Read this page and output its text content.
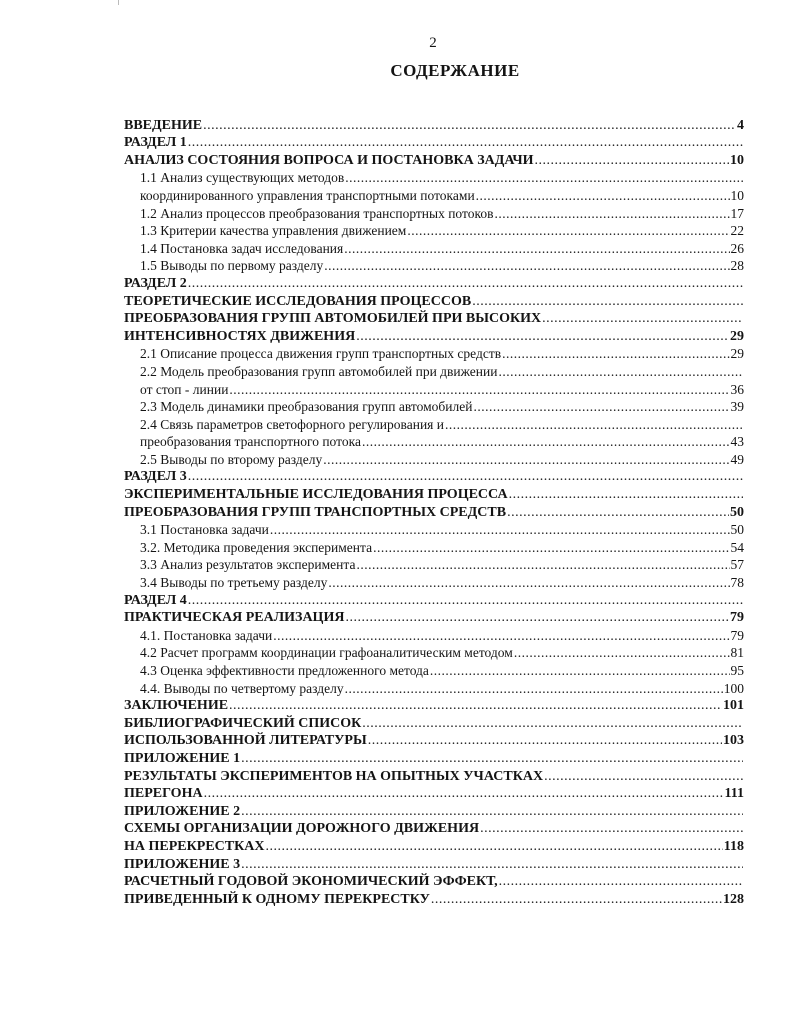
2
СОДЕРЖАНИЕ
ВВЕДЕНИЕ .....	4
РАЗДЕЛ 1
.....
АНАЛИЗ СОСТОЯНИЯ ВОПРОСА И ПОСТАНОВКА ЗАДАЧИ .....	10
1.1 Анализ существующих методов
.....
координированного управления транспортными потоками .....	10
1.2 Анализ процессов преобразования транспортных потоков .....	17
1.3 Критерии качества управления движением .....	22
1.4 Постановка задач исследования .....	26
1.5 Выводы по первому разделу .....	28
РАЗДЕЛ 2
.....
ТЕОРЕТИЧЕСКИЕ ИССЛЕДОВАНИЯ ПРОЦЕССОВ
.....
ПРЕОБРАЗОВАНИЯ ГРУПП АВТОМОБИЛЕЙ ПРИ ВЫСОКИХ
.....
ИНТЕНСИВНОСТЯХ ДВИЖЕНИЯ .....	29
2.1 Описание процесса движения групп транспортных средств .....	29
2.2 Модель преобразования групп автомобилей при движении
.....
от стоп - линии .....	36
2.3 Модель динамики преобразования групп автомобилей .....	39
2.4 Связь параметров светофорного регулирования и
.....
преобразования транспортного потока .....	43
2.5 Выводы по второму разделу .....	49
РАЗДЕЛ 3
.....
ЭКСПЕРИМЕНТАЛЬНЫЕ ИССЛЕДОВАНИЯ ПРОЦЕССА
.....
ПРЕОБРАЗОВАНИЯ ГРУПП ТРАНСПОРТНЫХ СРЕДСТВ .....	50
3.1 Постановка задачи .....	50
3.2. Методика проведения эксперимента .....	54
3.3 Анализ результатов эксперимента .....	57
3.4 Выводы по третьему разделу .....	78
РАЗДЕЛ 4
.....
ПРАКТИЧЕСКАЯ РЕАЛИЗАЦИЯ .....	79
4.1. Постановка задачи .....	79
4.2 Расчет программ координации графоаналитическим методом .....	81
4.3 Оценка эффективности предложенного метода .....	95
4.4. Выводы по четвертому разделу .....	100
ЗАКЛЮЧЕНИЕ .....	101
БИБЛИОГРАФИЧЕСКИЙ СПИСОК
.....
ИСПОЛЬЗОВАННОЙ ЛИТЕРАТУРЫ .....	103
ПРИЛОЖЕНИЕ 1
.....
РЕЗУЛЬТАТЫ ЭКСПЕРИМЕНТОВ НА ОПЫТНЫХ УЧАСТКАХ
.....
ПЕРЕГОНА .....	111
ПРИЛОЖЕНИЕ 2
.....
СХЕМЫ ОРГАНИЗАЦИИ ДОРОЖНОГО ДВИЖЕНИЯ
.....
НА ПЕРЕКРЕСТКАХ .....	118
ПРИЛОЖЕНИЕ 3
.....
РАСЧЕТНЫЙ ГОДОВОЙ ЭКОНОМИЧЕСКИЙ ЭФФЕКТ,
.....
ПРИВЕДЕННЫЙ К ОДНОМУ ПЕРЕКРЕСТКУ .....	128
